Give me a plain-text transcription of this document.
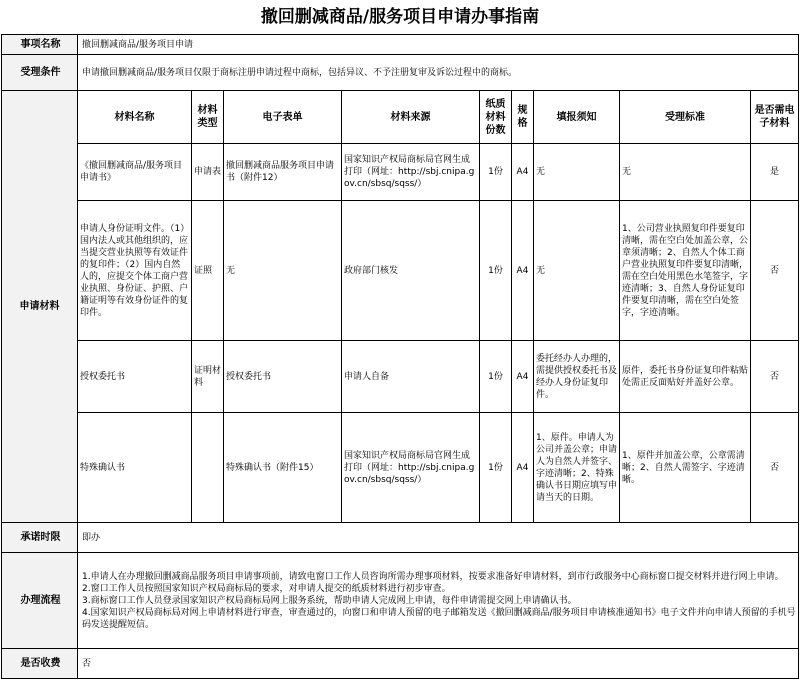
撤回删减商品/服务项目申请办事指南
事项名称	撤回删减商品/服务项目申请								
受理条件	申请撤回删减商品/服务项目仅限于商标注册申请过程中商标，包括异议、不予注册复审及诉讼过程中的商标。								
申请材料	材料名称	材料类型	电子表单	材料来源	纸质材料份数	规格	填报须知	受理标准	是否需电子材料
	《撤回删减商品/服务项目申请书》	申请表	撤回删减商品服务项目申请书（附件12）	国家知识产权局商标局官网生成打印（网址：http://sbj.cnipa.gov.cn/sbsq/sqss/）	1份	A4	无	无	是
	申请人身份证明文件。（1）国内法人或其他组织的，应当提交营业执照等有效证件的复印件；（2）国内自然人的，应提交个体工商户营业执照、身份证、护照、户籍证明等有效身份证件的复印件。	证照	无	政府部门核发	1份	A4	无	1、公司营业执照复印件要复印清晰，需在空白处加盖公章，公章须清晰；2、自然人个体工商户营业执照复印件要复印清晰，需在空白处用黑色水笔签字，字迹清晰；3、自然人身份证复印件要复印清晰，需在空白处签字，字迹清晰。	否
	授权委托书	证明材料	授权委托书	申请人自备	1份	A4	委托经办人办理的，需提供授权委托书及经办人身份证复印件。	原件，委托书身份证复印件粘贴处需正反面贴好并盖好公章。	否
	特殊确认书		特殊确认书（附件15）	国家知识产权局商标局官网生成打印（网址：http://sbj.cnipa.gov.cn/sbsq/sqss/）	1份	A4	1、原件。申请人为公司并盖公章；申请人为自然人并签字、字迹清晰；2、特殊确认书日期应填写申请当天的日期。	1、原件并加盖公章，公章需清晰；2、自然人需签字、字迹清晰。	否
承诺时限	即办								
办理流程	1.申请人在办理撤回删减商品服务项目申请事项前，请致电窗口工作人员咨询所需办理事项材料，按要求准备好申请材料，到市行政服务中心商标窗口提交材料并进行网上申请。

2.窗口工作人员按照国家知识产权局商标局的要求，对申请人提交的纸质材料进行初步审查。

3.商标窗口工作人员登录国家知识产权局商标局网上服务系统，帮助申请人完成网上申请，每件申请需提交网上申请确认书。

4.国家知识产权局商标局对网上申请材料进行审查，审查通过的，向窗口和申请人预留的电子邮箱发送《撤回删减商品/服务项目申请核准通知书》电子文件并向申请人预留的手机号码发送提醒短信。								

是否收费	否								
